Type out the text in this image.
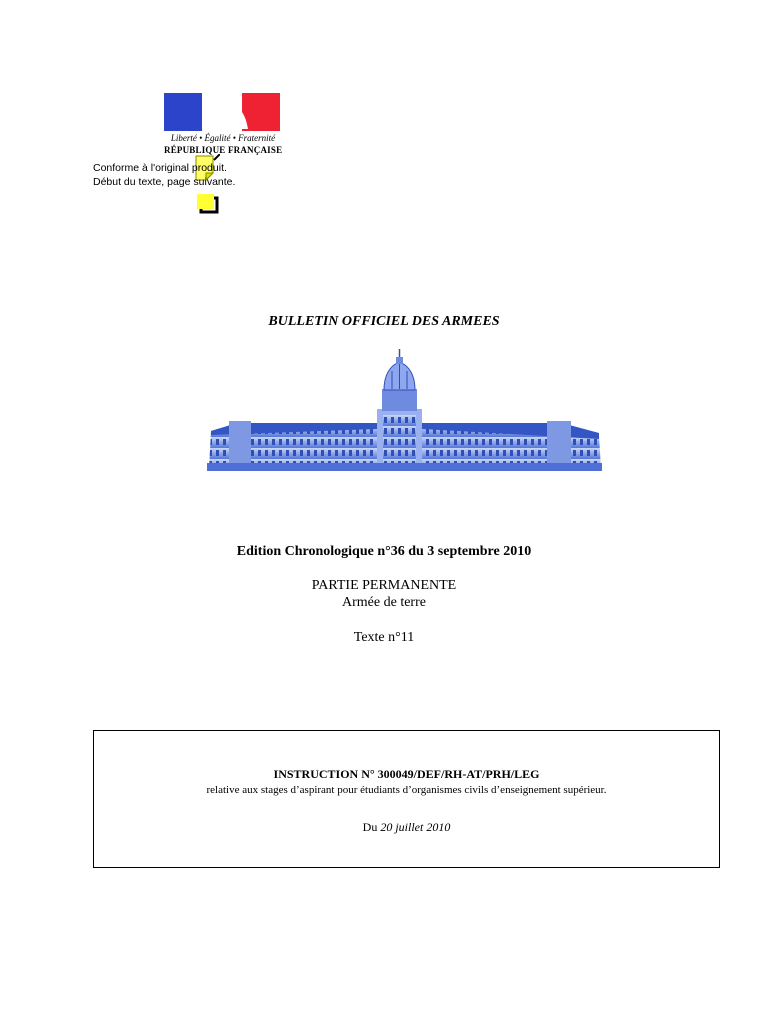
Liberté • Égalité • Fraternité
RÉPUBLIQUE FRANÇAISE
Conforme à l'original produit.
Début du texte, page suivante.
BULLETIN OFFICIEL DES ARMEES
Edition Chronologique n°36 du 3 septembre 2010
PARTIE PERMANENTE
Armée de terre
Texte n°11
INSTRUCTION N° 300049/DEF/RH-AT/PRH/LEG
relative aux stages d’aspirant pour étudiants d’organismes civils d’enseignement supérieur.
Du 20 juillet 2010
